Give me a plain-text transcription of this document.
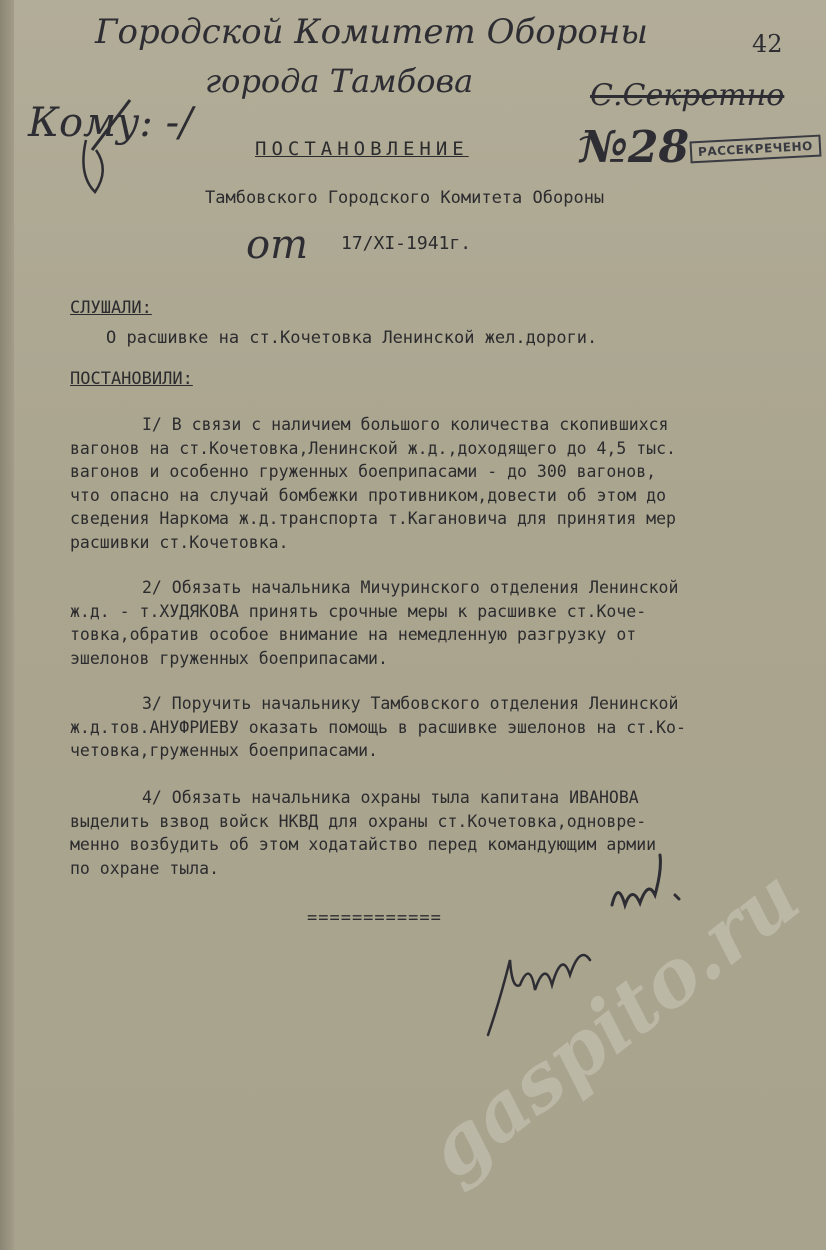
Городской Комитет Обороны
города Тамбова
42
С.Секретно
Кому: -/
ПОСТАНОВЛЕНИЕ	№28 РАССЕКРЕЧЕНО
Тамбовского Городского Комитета Обороны
от 17/XI-1941г.
СЛУШАЛИ:
О расшивке на ст.Кочетовка Ленинской жел.дороги.
ПОСТАНОВИЛИ:
I/ В связи с наличием большого количества скопившихся
вагонов на ст.Кочетовка,Ленинской ж.д.,доходящего до 4,5 тыс.
вагонов и особенно груженных боеприпасами - до 300 вагонов,
что опасно на случай бомбежки противником,довести об этом до
сведения Наркома ж.д.транспорта т.Кагановича для принятия мер
расшивки ст.Кочетовка.
2/ Обязать начальника Мичуринского отделения Ленинской
ж.д. - т.ХУДЯКОВА принять срочные меры к расшивке ст.Коче-
товка,обратив особое внимание на немедленную разгрузку от
эшелонов груженных боеприпасами.
3/ Поручить начальнику Тамбовского отделения Ленинской
ж.д.тов.АНУФРИЕВУ оказать помощь в расшивке эшелонов на ст.Ко-
четовка,груженных боеприпасами.
4/ Обязать начальника охраны тыла капитана ИВАНОВА
выделить взвод войск НКВД для охраны ст.Кочетовка,одновре-
менно возбудить об этом ходатайство перед командующим армии
по охране тыла.
============
gaspito.ru
